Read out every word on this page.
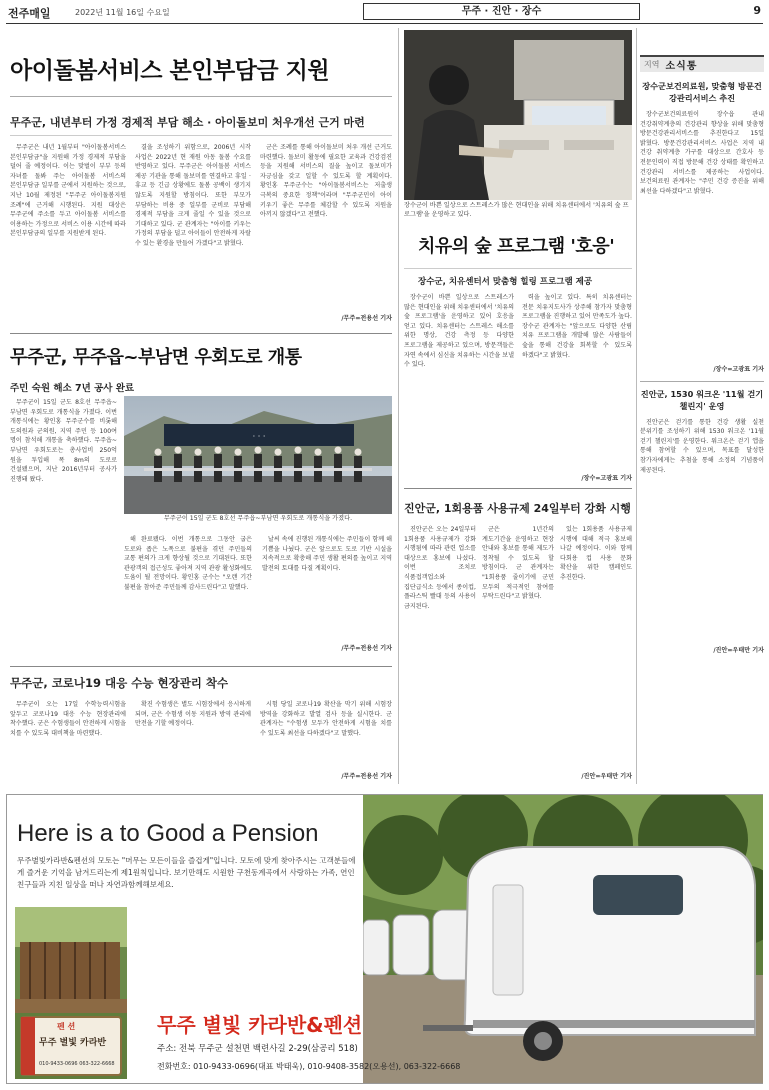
전주매일	2022년 11월 16일 수요일	무주 · 진안 · 장수	9
아이돌봄서비스 본인부담금 지원
무주군, 내년부터 가정 경제적 부담 해소 · 아이돌보미 처우개선 근거 마련

무주군은 내년 1월부터 "아이돌봄서비스 본인부담금"을 지원해 가정 경제적 부담을 덜어 줄 예정이다. 이는 맞벌이 부부 등의 자녀를 돌봐 주는 아이돌봄 서비스의 본인부담금 일부를 군에서 지원하는 것으로, 지난 10월 제정된 "무주군 아이돌봄지원 조례"에 근거해 시행된다. 지원 대상은 무주군에 주소를 두고 아이돌봄 서비스를 이용하는 가정으로 서비스 이용 시간에 따라 본인부담금의 일부를 지원받게 된다.

결을 조성하기 위함으로, 2006년 시작 사업은 2022년 현 재원 아동 돌봄 수요를 반영하고 있다. 무주군은 아이돌봄 서비스 제공 기관을 통해 돌보미를 연결하고 휴일 · 휴교 등 긴급 상황에도 돌봄 공백이 생기지 않도록 지원할 방침이다. 또한 부모가 부담하는 비용 중 일부를 군비로 부담해 경제적 부담을 크게 줄일 수 있을 것으로 기대하고 있다. 군 관계자는 "아이를 키우는 가정의 부담을 덜고 아이들이 안전하게 자랄 수 있는 환경을 만들어 가겠다"고 밝혔다.

군은 조례를 통해 아이돌보미 처우 개선 근거도 마련했다. 돌보미 활동에 필요한 교육과 건강검진 등을 지원해 서비스의 질을 높이고 돌보미가 자긍심을 갖고 일할 수 있도록 할 계획이다. 황인홍 무주군수는 "아이돌봄서비스는 저출생 극복의 중요한 정책"이라며 "무주군민이 아이 키우기 좋은 무주를 체감할 수 있도록 지원을 아끼지 않겠다"고 전했다.

/무주=전용선 기자
무주군, 무주읍~부남면 우회도로 개통
주민 숙원 해소 7년 공사 완료

무주군이 15일 군도 8호선 무주읍~부남면 우회도로 개통식을 가졌다. 이번 개통식에는 황인홍 무주군수를 비롯해 도의원과 군의원, 지역 주민 등 100여 명이 참석해 개통을 축하했다. 무주읍~부남면 우회도로는 총사업비 250억 원을 투입해 폭 8m의 도로로 건설됐으며, 지난 2016년부터 공사가 진행돼 왔다.

· · ·
무주군이 15일 군도 8호선 무주읍~부남면 우회도로 개통식을 가졌다.

해 완료됐다. 이번 개통으로 그동안 굽은 도로와 좁은 노폭으로 불편을 겪던 주민들의 교통 편의가 크게 향상될 것으로 기대된다. 또한 관광객의 접근성도 좋아져 지역 관광 활성화에도 도움이 될 전망이다. 황인홍 군수는 "오랜 기간 불편을 참아준 주민들께 감사드린다"고 말했다.

날씨 속에 진행된 개통식에는 주민들이 함께 해 기쁨을 나눴다. 군은 앞으로도 도로 기반 시설을 지속적으로 확충해 주민 생활 편의를 높이고 지역 발전의 토대를 다질 계획이다.

/무주=전용선 기자
무주군, 코로나19 대응 수능 현장관리 착수

무주군이 오는 17일 수학능력시험을 앞두고 코로나19 대응 수능 현장관리에 착수했다. 군은 수험생들이 안전하게 시험을 치를 수 있도록 대비책을 마련했다.

확진 수험생은 별도 시험장에서 응시하게 되며, 군은 수험생 이동 지원과 방역 관리에 만전을 기할 예정이다.

시험 당일 코로나19 확산을 막기 위해 시험장 방역을 강화하고 발열 검사 등을 실시한다. 군 관계자는 "수험생 모두가 안전하게 시험을 치를 수 있도록 최선을 다하겠다"고 말했다.

/무주=전용선 기자
장수군이 바쁜 일상으로 스트레스가 많은 현대인을 위해 치유센터에서 '치유의 숲 프로그램'을 운영하고 있다.
치유의 숲 프로그램 '호응'
장수군, 치유센터서 맞춤형 힐링 프로그램 제공

장수군이 바쁜 일상으로 스트레스가 많은 현대인을 위해 치유센터에서 '치유의 숲 프로그램'을 운영하고 있어 호응을 얻고 있다. 치유센터는 스트레스 해소를 위한 명상, 건강 측정 등 다양한 프로그램을 제공하고 있으며, 방문객들은 자연 속에서 심신을 치유하는 시간을 보낼 수 있다.

력을 높이고 있다. 특히 치유센터는 전문 치유지도사가 상주해 참가자 맞춤형 프로그램을 진행하고 있어 만족도가 높다. 장수군 관계자는 "앞으로도 다양한 산림 치유 프로그램을 개발해 많은 사람들이 숲을 통해 건강을 회복할 수 있도록 하겠다"고 밝혔다.

/장수=고광표 기자
진안군, 1회용품 사용규제 24일부터 강화 시행

진안군은 오는 24일부터 1회용품 사용규제가 강화 시행됨에 따라 관련 업소를 대상으로 홍보에 나섰다. 이번 조치로 식품접객업소와 집단급식소 등에서 종이컵, 플라스틱 빨대 등의 사용이 금지된다.

군은 1년간의 계도기간을 운영하고 현장 안내와 홍보를 통해 제도가 정착될 수 있도록 할 방침이다. 군 관계자는 "1회용품 줄이기에 군민 모두의 적극적인 참여를 부탁드린다"고 밝혔다.

있는 1회용품 사용규제 시행에 대해 적극 홍보해 나갈 예정이다. 이와 함께 다회용 컵 사용 문화 확산을 위한 캠페인도 추진한다.

/진안=우태만 기자
지역 소식통
장수군보건의료원, 맞춤형 방문건강관리서비스 추진

장수군보건의료원이 장수읍 관내 건강취약계층의 건강관리 향상을 위해 맞춤형 방문건강관리서비스를 추진한다고 15일 밝혔다. 방문건강관리서비스 사업은 지역 내 건강 취약계층 가구를 대상으로 간호사 등 전문인력이 직접 방문해 건강 상태를 확인하고 건강관리 서비스를 제공하는 사업이다. 보건의료원 관계자는 "주민 건강 증진을 위해 최선을 다하겠다"고 밝혔다.

/장수=고광표 기자
진안군, 1530 워크온 '11월 걷기 챌린지' 운영

진안군은 걷기를 통한 건강 생활 실천 분위기를 조성하기 위해 1530 워크온 '11월 걷기 챌린지'를 운영한다. 워크온은 걷기 앱을 통해 참여할 수 있으며, 목표를 달성한 참가자에게는 추첨을 통해 소정의 기념품이 제공된다.

/진안=우태만 기자
Here is a to Good a Pension
무주별빛카라반&펜션의 모토는 "머무는 모든이들을 즐겁게"입니다. 모토에 맞게 찾아주시는 고객분들에게 즐거운 기억을 남겨드리는게 제1원칙입니다. 보기만해도 시원한 구천동계곡에서 사랑하는 가족, 연인 친구들과 지친 일상을 떠나 자연과함께해보세요.
펜 션
무주 별빛 카라반
010-9433-0696 063-322-6668
무주 별빛 카라반&펜션
주소: 전북 무주군 설천면 백련사길 2-29(삼공리 518)
전화번호: 010-9433-0696(대표 박태욱), 010-9408-3582(오용선), 063-322-6668
